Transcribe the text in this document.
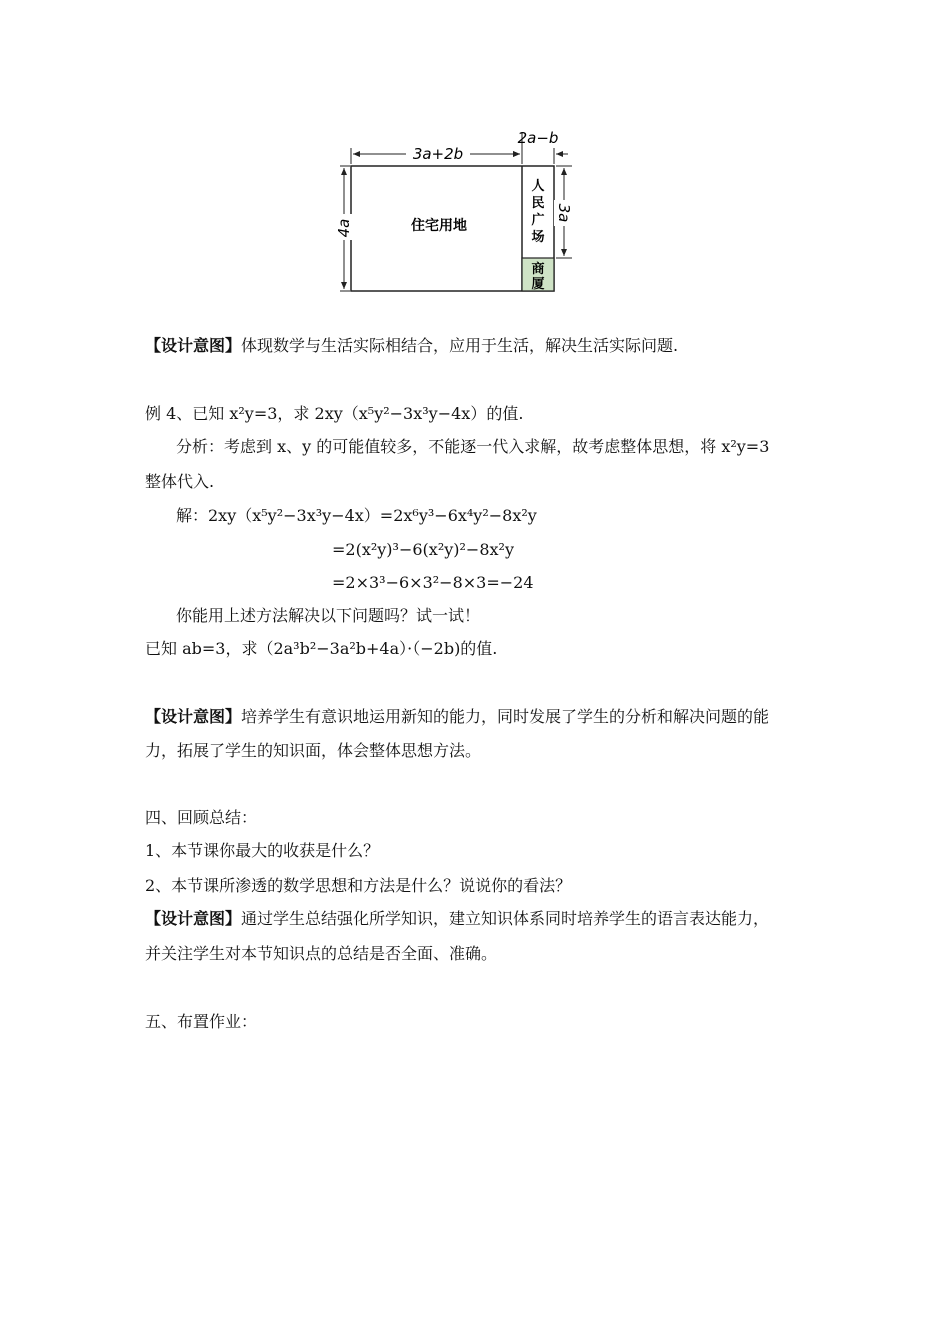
3a+2b
2a−b
4a
3a
住宅用地
人
民
广
场
商
厦
【设计意图】体现数学与生活实际相结合，应用于生活，解决生活实际问题.
例 4、已知 x²y=3，求 2xy（x⁵y²−3x³y−4x）的值.
分析：考虑到 x、y 的可能值较多，不能逐一代入求解，故考虑整体思想，将 x²y=3
整体代入.
解：2xy（x⁵y²−3x³y−4x）=2x⁶y³−6x⁴y²−8x²y
=2(x²y)³−6(x²y)²−8x²y
=2×3³−6×3²−8×3=−24
你能用上述方法解决以下问题吗？试一试！
已知 ab=3，求（2a³b²−3a²b+4a）·（−2b)的值.
【设计意图】培养学生有意识地运用新知的能力，同时发展了学生的分析和解决问题的能
力，拓展了学生的知识面，体会整体思想方法。
四、回顾总结：
1、本节课你最大的收获是什么？
2、本节课所渗透的数学思想和方法是什么？说说你的看法？
【设计意图】通过学生总结强化所学知识，建立知识体系同时培养学生的语言表达能力，
并关注学生对本节知识点的总结是否全面、准确。
五、布置作业：
